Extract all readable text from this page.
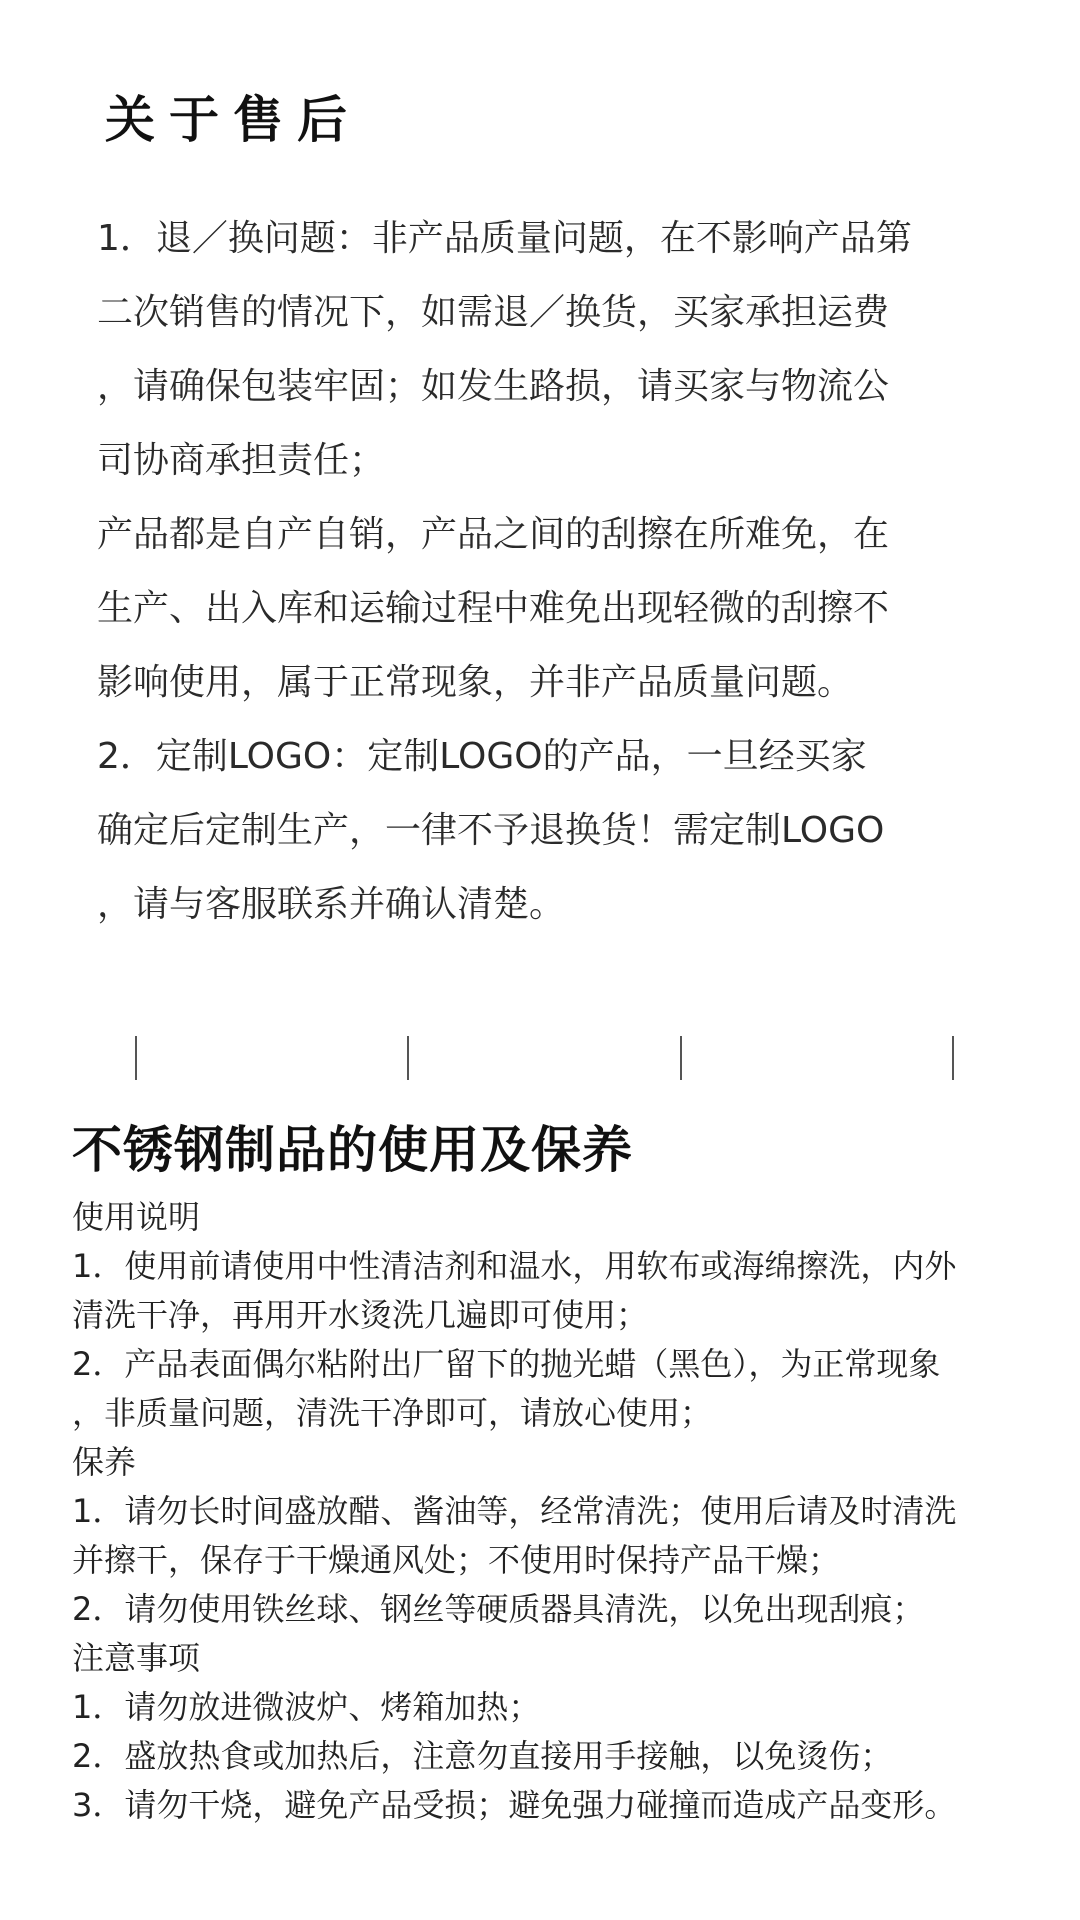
关于售后
1．退／换问题：非产品质量问题，在不影响产品第
二次销售的情况下，如需退／换货，买家承担运费
，请确保包装牢固；如发生路损，请买家与物流公
司协商承担责任；
产品都是自产自销，产品之间的刮擦在所难免，在
生产、出入库和运输过程中难免出现轻微的刮擦不
影响使用，属于正常现象，并非产品质量问题。
2．定制LOGO：定制LOGO的产品，一旦经买家
确定后定制生产，一律不予退换货！需定制LOGO
，请与客服联系并确认清楚。
不锈钢制品的使用及保养
使用说明
1．使用前请使用中性清洁剂和温水，用软布或海绵擦洗，内外
清洗干净，再用开水烫洗几遍即可使用；
2．产品表面偶尔粘附出厂留下的抛光蜡（黑色），为正常现象
，非质量问题，清洗干净即可，请放心使用；
保养
1．请勿长时间盛放醋、酱油等，经常清洗；使用后请及时清洗
并擦干，保存于干燥通风处；不使用时保持产品干燥；
2．请勿使用铁丝球、钢丝等硬质器具清洗，以免出现刮痕；
注意事项
1．请勿放进微波炉、烤箱加热；
2．盛放热食或加热后，注意勿直接用手接触，以免烫伤；
3．请勿干烧，避免产品受损；避免强力碰撞而造成产品变形。
